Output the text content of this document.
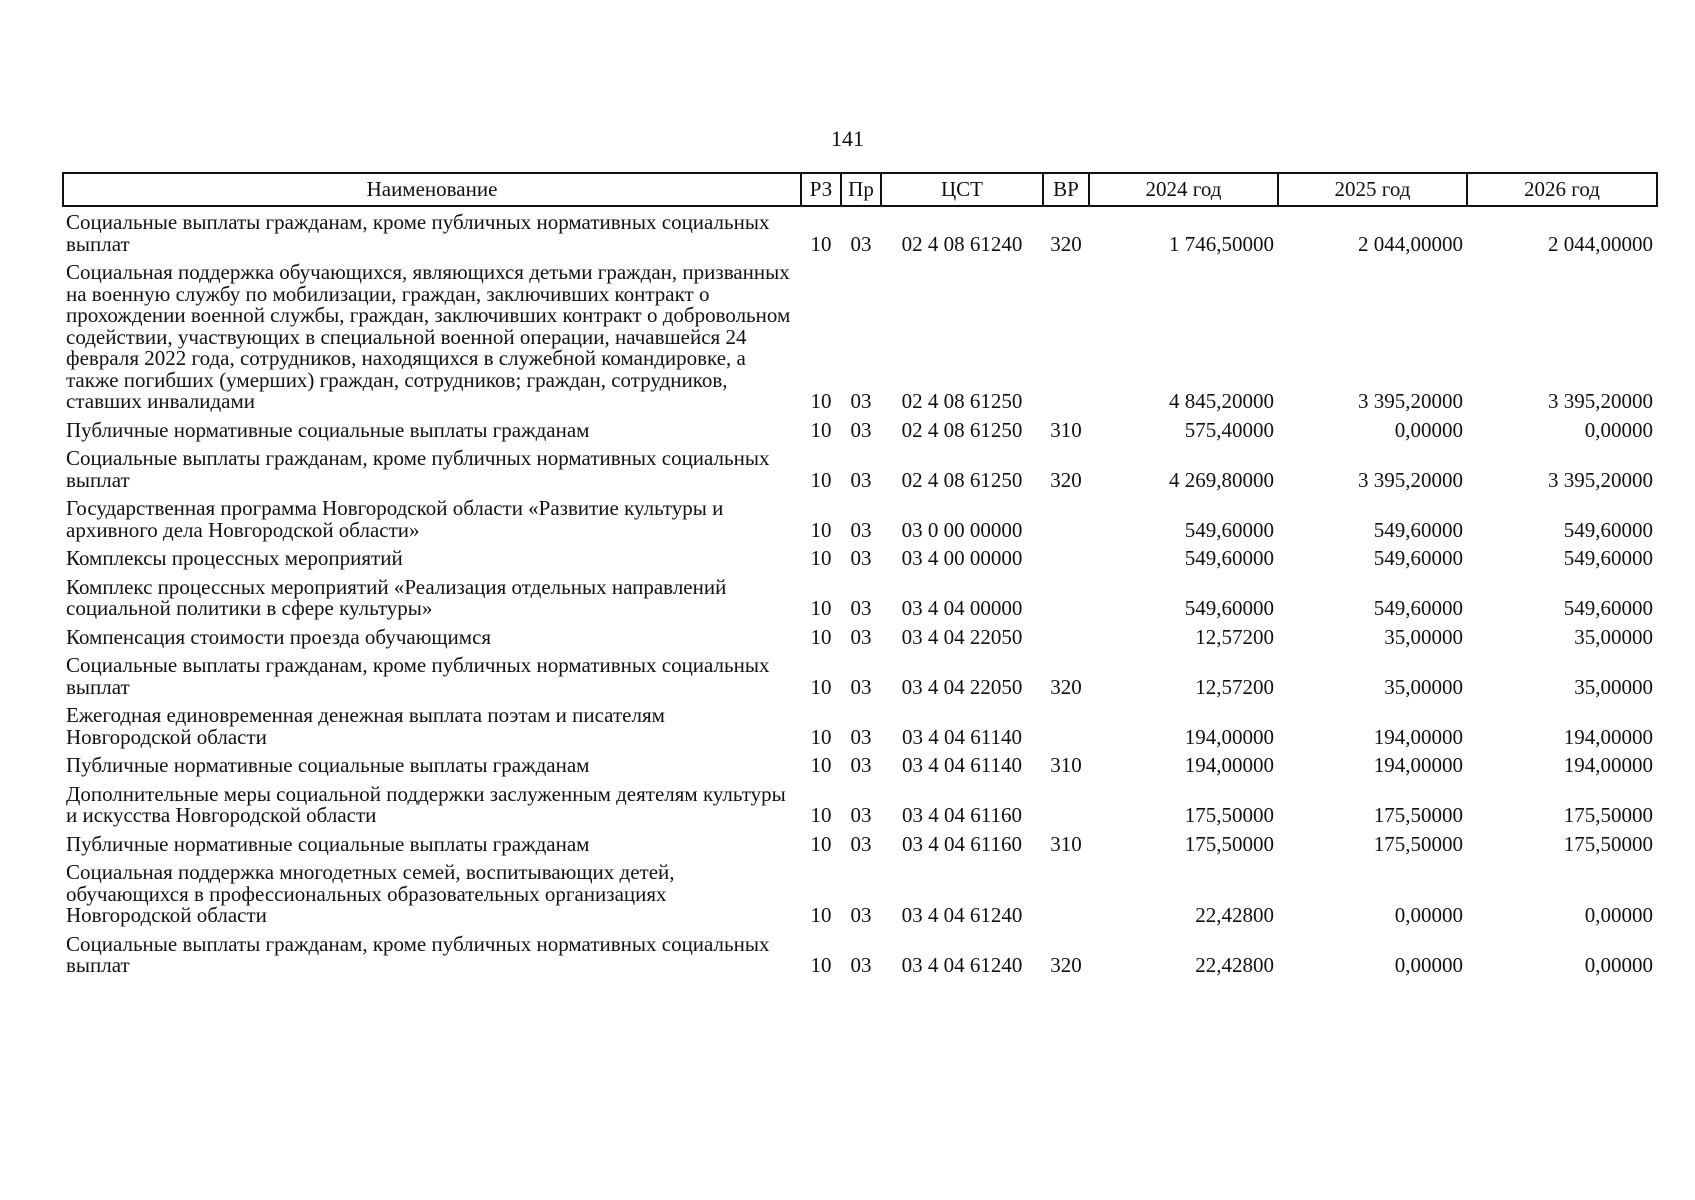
141
Наименование	РЗ	Пр	ЦСТ	ВР	2024 год	2025 год	2026 год
Социальные выплаты гражданам, кроме публичных нормативных социальных выплат	10	03	02 4 08 61240	320	1 746,50000	2 044,00000	2 044,00000
Социальная поддержка обучающихся, являющихся детьми граждан, призванных на военную службу по мобилизации, граждан, заключивших контракт о прохождении военной службы, граждан, заключивших контракт о добровольном содействии, участвующих в специальной военной операции, начавшейся 24 февраля 2022 года, сотрудников, находящихся в служебной командировке, а также погибших (умерших) граждан, сотрудников; граждан, сотрудников, ставших инвалидами	10	03	02 4 08 61250		4 845,20000	3 395,20000	3 395,20000
Публичные нормативные социальные выплаты гражданам	10	03	02 4 08 61250	310	575,40000	0,00000	0,00000
Социальные выплаты гражданам, кроме публичных нормативных социальных выплат	10	03	02 4 08 61250	320	4 269,80000	3 395,20000	3 395,20000
Государственная программа Новгородской области «Развитие культуры и архивного дела Новгородской области»	10	03	03 0 00 00000		549,60000	549,60000	549,60000
Комплексы процессных мероприятий	10	03	03 4 00 00000		549,60000	549,60000	549,60000
Комплекс процессных мероприятий «Реализация отдельных направлений социальной политики в сфере культуры»	10	03	03 4 04 00000		549,60000	549,60000	549,60000
Компенсация стоимости проезда обучающимся	10	03	03 4 04 22050		12,57200	35,00000	35,00000
Социальные выплаты гражданам, кроме публичных нормативных социальных выплат	10	03	03 4 04 22050	320	12,57200	35,00000	35,00000
Ежегодная единовременная денежная выплата поэтам и писателям Новгородской области	10	03	03 4 04 61140		194,00000	194,00000	194,00000
Публичные нормативные социальные выплаты гражданам	10	03	03 4 04 61140	310	194,00000	194,00000	194,00000
Дополнительные меры социальной поддержки заслуженным деятелям культуры и искусства Новгородской области	10	03	03 4 04 61160		175,50000	175,50000	175,50000
Публичные нормативные социальные выплаты гражданам	10	03	03 4 04 61160	310	175,50000	175,50000	175,50000
Социальная поддержка многодетных семей, воспитывающих детей, обучающихся в профессиональных образовательных организациях Новгородской области	10	03	03 4 04 61240		22,42800	0,00000	0,00000
Социальные выплаты гражданам, кроме публичных нормативных социальных выплат	10	03	03 4 04 61240	320	22,42800	0,00000	0,00000
